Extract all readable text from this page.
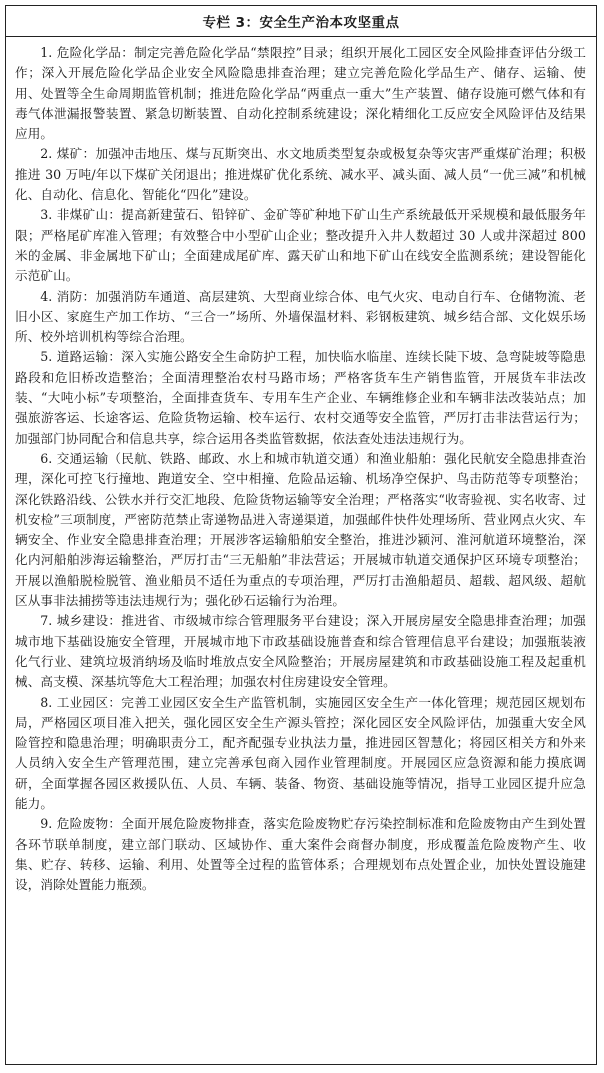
专栏 3：安全生产治本攻坚重点

1. 危险化学品：制定完善危险化学品“禁限控”目录；组织开展化工园区安全风险排查评估分级工作；深入开展危险化学品企业安全风险隐患排查治理；建立完善危险化学品生产、储存、运输、使用、处置等全生命周期监管机制；推进危险化学品“两重点一重大”生产装置、储存设施可燃气体和有毒气体泄漏报警装置、紧急切断装置、自动化控制系统建设；深化精细化工反应安全风险评估及结果应用。

2. 煤矿：加强冲击地压、煤与瓦斯突出、水文地质类型复杂或极复杂等灾害严重煤矿治理；积极推进 30 万吨/年以下煤矿关闭退出；推进煤矿优化系统、减水平、减头面、减人员“一优三减”和机械化、自动化、信息化、智能化“四化”建设。

3. 非煤矿山：提高新建萤石、铅锌矿、金矿等矿种地下矿山生产系统最低开采规模和最低服务年限；严格尾矿库准入管理；有效整合中小型矿山企业；整改提升入井人数超过 30 人或井深超过 800 米的金属、非金属地下矿山；全面建成尾矿库、露天矿山和地下矿山在线安全监测系统；建设智能化示范矿山。

4. 消防：加强消防车通道、高层建筑、大型商业综合体、电气火灾、电动自行车、仓储物流、老旧小区、家庭生产加工作坊、“三合一”场所、外墙保温材料、彩钢板建筑、城乡结合部、文化娱乐场所、校外培训机构等综合治理。

5. 道路运输：深入实施公路安全生命防护工程，加快临水临崖、连续长陡下坡、急弯陡坡等隐患路段和危旧桥改造整治；全面清理整治农村马路市场；严格客货车生产销售监管，开展货车非法改装、“大吨小标”专项整治，全面排查货车、专用车生产企业、车辆维修企业和车辆非法改装站点；加强旅游客运、长途客运、危险货物运输、校车运行、农村交通等安全监管，严厉打击非法营运行为；加强部门协同配合和信息共享，综合运用各类监管数据，依法查处违法违规行为。

6. 交通运输（民航、铁路、邮政、水上和城市轨道交通）和渔业船舶：强化民航安全隐患排查治理，深化可控飞行撞地、跑道安全、空中相撞、危险品运输、机场净空保护、鸟击防范等专项整治；深化铁路沿线、公铁水并行交汇地段、危险货物运输等安全治理；严格落实“收寄验视、实名收寄、过机安检”三项制度，严密防范禁止寄递物品进入寄递渠道，加强邮件快件处理场所、营业网点火灾、车辆安全、作业安全隐患排查治理；开展涉客运输船舶安全整治，推进沙颍河、淮河航道环境整治，深化内河船舶涉海运输整治，严厉打击“三无船舶”非法营运；开展城市轨道交通保护区环境专项整治；开展以渔船脱检脱管、渔业船员不适任为重点的专项治理，严厉打击渔船超员、超载、超风级、超航区从事非法捕捞等违法违规行为；强化砂石运输行为治理。

7. 城乡建设：推进省、市级城市综合管理服务平台建设；深入开展房屋安全隐患排查治理；加强城市地下基础设施安全管理，开展城市地下市政基础设施普查和综合管理信息平台建设；加强瓶装液化气行业、建筑垃圾消纳场及临时堆放点安全风险整治；开展房屋建筑和市政基础设施工程及起重机械、高支模、深基坑等危大工程治理；加强农村住房建设安全管理。

8. 工业园区：完善工业园区安全生产监管机制，实施园区安全生产一体化管理；规范园区规划布局，严格园区项目准入把关，强化园区安全生产源头管控；深化园区安全风险评估，加强重大安全风险管控和隐患治理；明确职责分工，配齐配强专业执法力量，推进园区智慧化；将园区相关方和外来人员纳入安全生产管理范围，建立完善承包商入园作业管理制度。开展园区应急资源和能力摸底调研，全面掌握各园区救援队伍、人员、车辆、装备、物资、基础设施等情况，指导工业园区提升应急能力。

9. 危险废物：全面开展危险废物排查，落实危险废物贮存污染控制标准和危险废物由产生到处置各环节联单制度，建立部门联动、区域协作、重大案件会商督办制度，形成覆盖危险废物产生、收集、贮存、转移、运输、利用、处置等全过程的监管体系；合理规划布点处置企业，加快处置设施建设，消除处置能力瓶颈。
